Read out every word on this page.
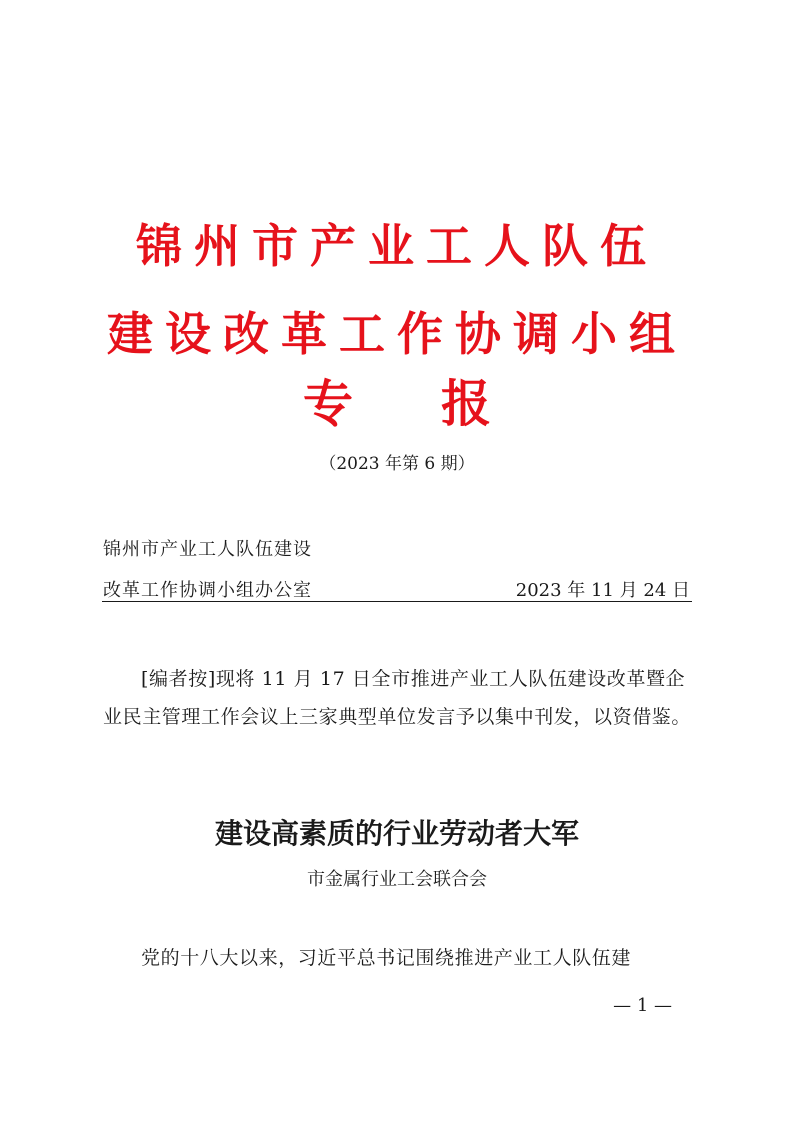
锦州市产业工人队伍
建设改革工作协调小组
专 报
（2023 年第 6 期）
锦州市产业工人队伍建设
改革工作协调小组办公室	2023 年 11 月 24 日
[编者按]现将 11 月 17 日全市推进产业工人队伍建设改革暨企业民主管理工作会议上三家典型单位发言予以集中刊发，以资借鉴。
建设高素质的行业劳动者大军
市金属行业工会联合会
党的十八大以来，习近平总书记围绕推进产业工人队伍建
— 1 —
